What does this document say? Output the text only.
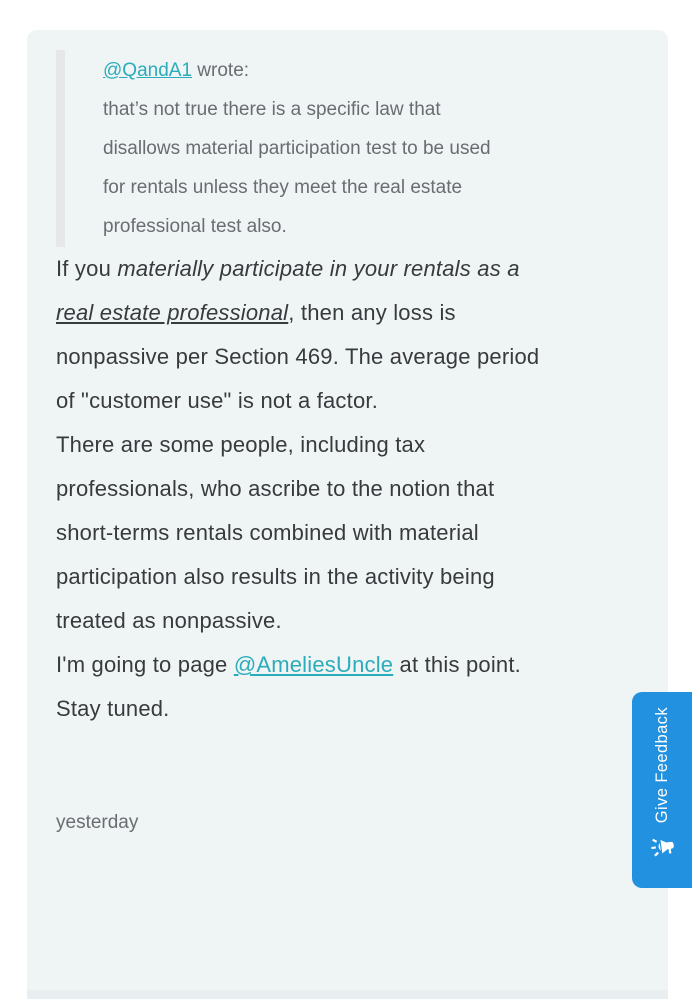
@QandA1 wrote:
that’s not true there is a specific law that
disallows material participation test to be used
for rentals unless they meet the real estate
professional test also.

If you materially participate in your rentals as a
real estate professional, then any loss is
nonpassive per Section 469. The average period
of "customer use" is not a factor.

There are some people, including tax
professionals, who ascribe to the notion that
short-terms rentals combined with material
participation also results in the activity being
treated as nonpassive.

I'm going to page @AmeliesUncle at this point.
Stay tuned.

yesterday	Give Feedback
